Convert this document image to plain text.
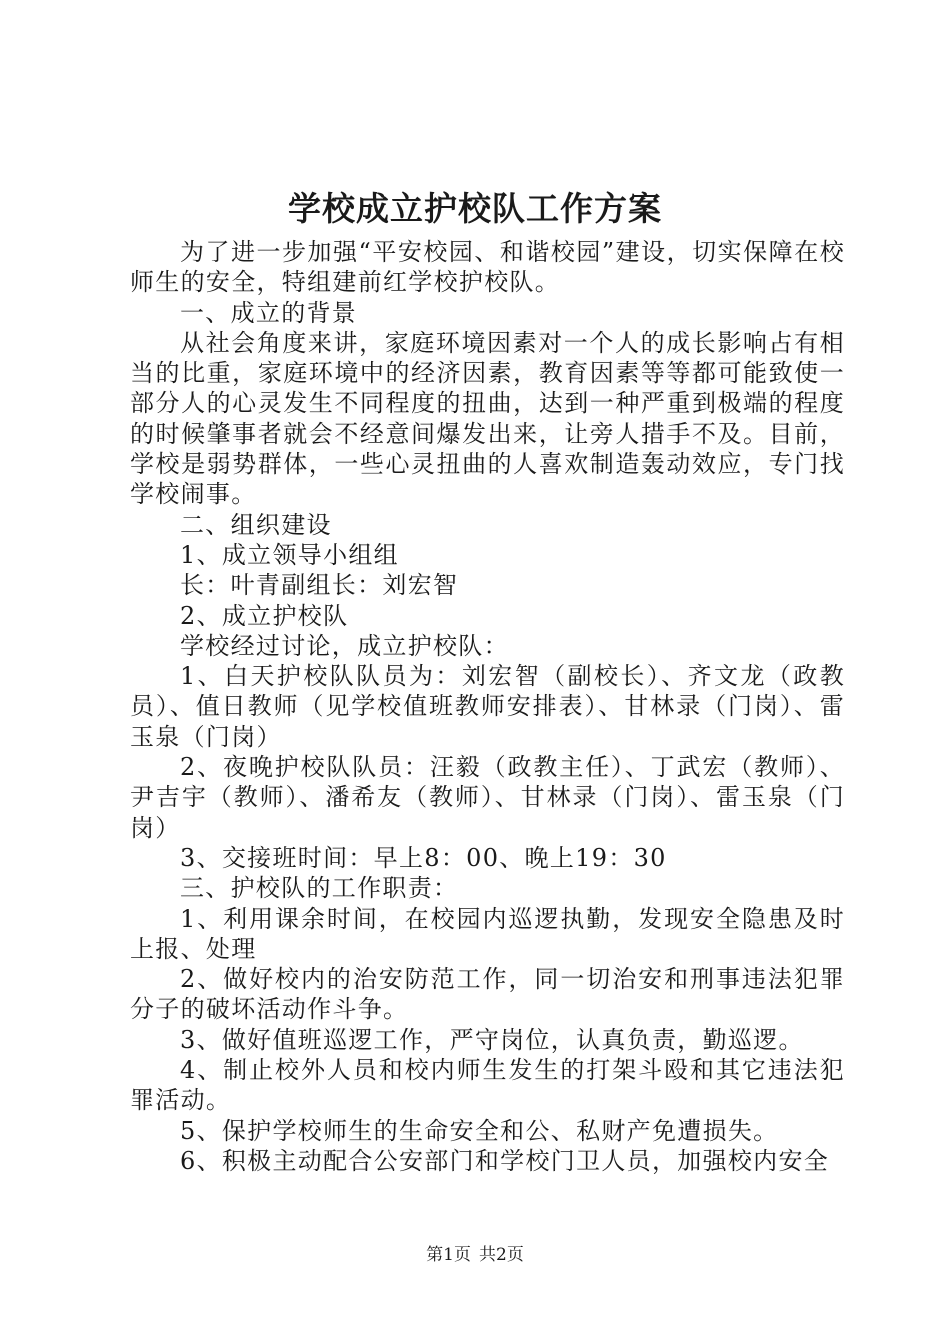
学校成立护校队工作方案

为了进一步加强“平安校园、和谐校园”建设，切实保障在校师生的安全，特组建前红学校护校队。

一、成立的背景

从社会角度来讲，家庭环境因素对一个人的成长影响占有相当的比重，家庭环境中的经济因素，教育因素等等都可能致使一部分人的心灵发生不同程度的扭曲，达到一种严重到极端的程度的时候肇事者就会不经意间爆发出来，让旁人措手不及。目前，学校是弱势群体，一些心灵扭曲的人喜欢制造轰动效应，专门找学校闹事。

二、组织建设

1、成立领导小组组

长：叶青副组长：刘宏智

2、成立护校队

学校经过讨论，成立护校队：

1、白天护校队队员为：刘宏智（副校长）、齐文龙（政教员）、值日教师（见学校值班教师安排表）、甘林录（门岗）、雷玉泉（门岗）

2、夜晚护校队队员：汪毅（政教主任）、丁武宏（教师）、尹吉宇（教师）、潘希友（教师）、甘林录（门岗）、雷玉泉（门岗）

3、交接班时间：早上8：00、晚上19：30

三、护校队的工作职责：

1、利用课余时间，在校园内巡逻执勤，发现安全隐患及时上报、处理

2、做好校内的治安防范工作，同一切治安和刑事违法犯罪分子的破坏活动作斗争。

3、做好值班巡逻工作，严守岗位，认真负责，勤巡逻。

4、制止校外人员和校内师生发生的打架斗殴和其它违法犯罪活动。

5、保护学校师生的生命安全和公、私财产免遭损失。

6、积极主动配合公安部门和学校门卫人员，加强校内安全

第1页 共2页
